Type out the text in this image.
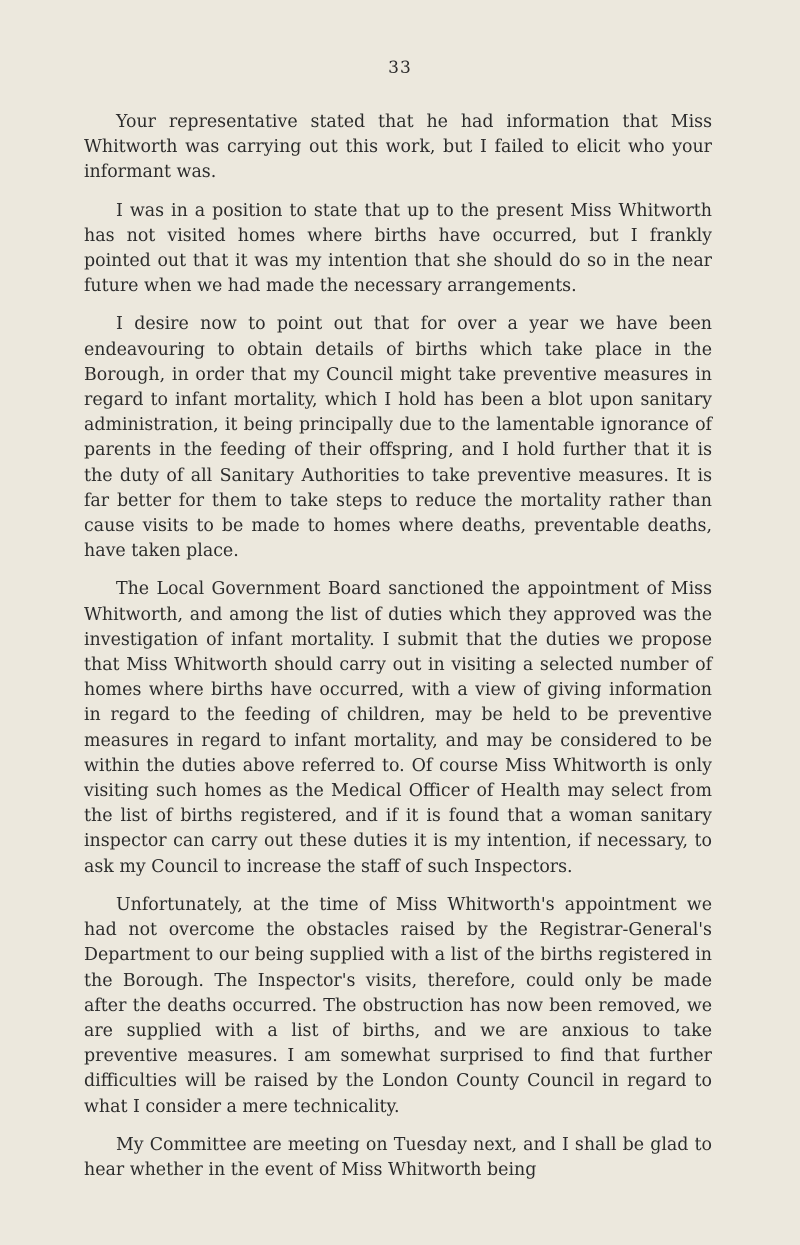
33

Your representative stated that he had information that Miss Whitworth was carrying out this work, but I failed to elicit who your informant was.

I was in a position to state that up to the present Miss Whitworth has not visited homes where births have occurred, but I frankly pointed out that it was my intention that she should do so in the near future when we had made the necessary arrangements.

I desire now to point out that for over a year we have been endeavouring to obtain details of births which take place in the Borough, in order that my Council might take preventive measures in regard to infant mortality, which I hold has been a blot upon sanitary administration, it being principally due to the lamentable ignorance of parents in the feeding of their offspring, and I hold further that it is the duty of all Sanitary Authorities to take preventive measures. It is far better for them to take steps to reduce the mortality rather than cause visits to be made to homes where deaths, preventable deaths, have taken place.

The Local Government Board sanctioned the appointment of Miss Whitworth, and among the list of duties which they approved was the investigation of infant mortality. I submit that the duties we propose that Miss Whitworth should carry out in visiting a selected number of homes where births have occurred, with a view of giving information in regard to the feeding of children, may be held to be preventive measures in regard to infant mortality, and may be considered to be within the duties above referred to. Of course Miss Whitworth is only visiting such homes as the Medical Officer of Health may select from the list of births registered, and if it is found that a woman sanitary inspector can carry out these duties it is my intention, if necessary, to ask my Council to increase the staff of such Inspectors.

Unfortunately, at the time of Miss Whitworth's appointment we had not overcome the obstacles raised by the Registrar-General's Department to our being supplied with a list of the births registered in the Borough. The Inspector's visits, therefore, could only be made after the deaths occurred. The obstruction has now been removed, we are supplied with a list of births, and we are anxious to take preventive measures. I am somewhat surprised to find that further difficulties will be raised by the London County Council in regard to what I consider a mere technicality.

My Committee are meeting on Tuesday next, and I shall be glad to hear whether in the event of Miss Whitworth being
